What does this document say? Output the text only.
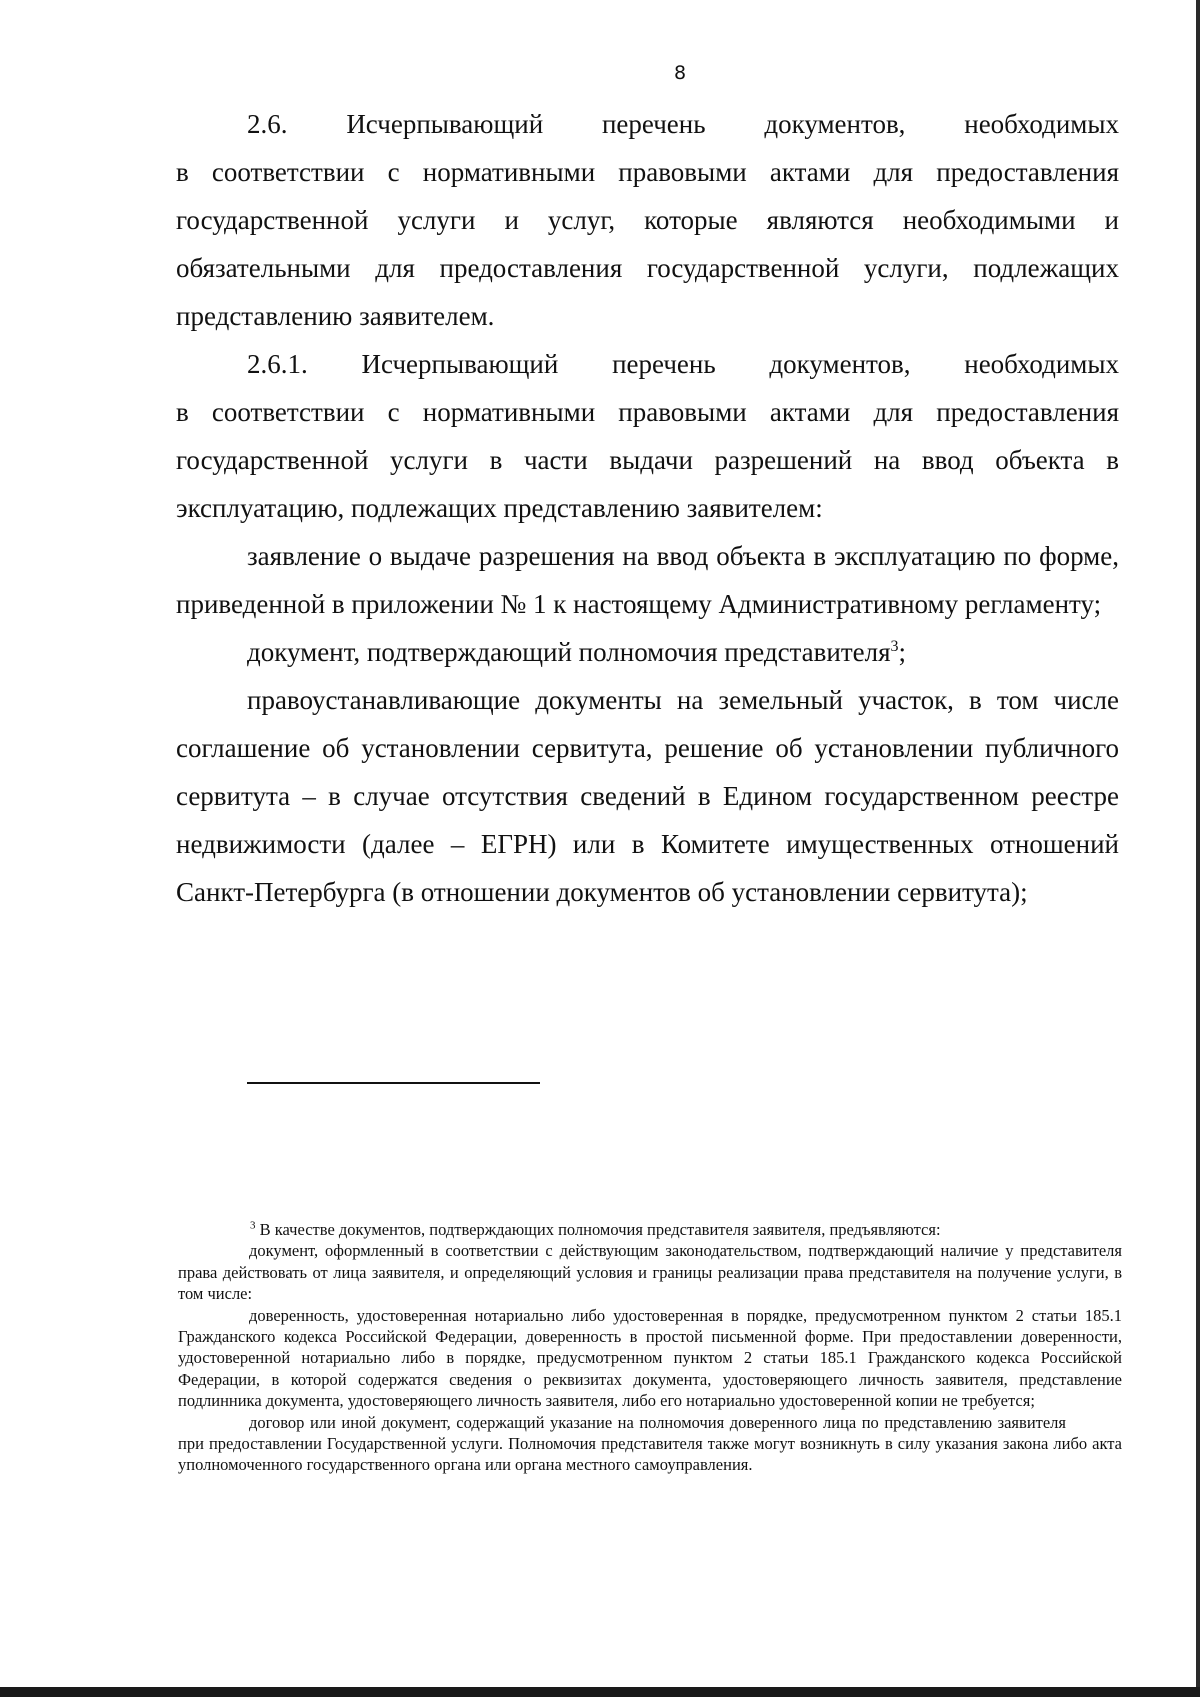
8
2.6. Исчерпывающий перечень документов, необходимых

в соответствии с нормативными правовыми актами для предоставления государственной услуги и услуг, которые являются необходимыми и обязательными для предоставления государственной услуги, подлежащих представлению заявителем.

2.6.1. Исчерпывающий перечень документов, необходимых

в соответствии с нормативными правовыми актами для предоставления государственной услуги в части выдачи разрешений на ввод объекта в эксплуатацию, подлежащих представлению заявителем:

заявление о выдаче разрешения на ввод объекта в эксплуатацию по форме, приведенной в приложении № 1 к настоящему Административному регламенту;

документ, подтверждающий полномочия представителя$^3$;

правоустанавливающие документы на земельный участок, в том числе соглашение об установлении сервитута, решение об установлении публичного сервитута – в случае отсутствия сведений в Едином государственном реестре недвижимости (далее – ЕГРН) или в Комитете имущественных отношений Санкт-Петербурга (в отношении документов об установлении сервитута);

$^3$ В качестве документов, подтверждающих полномочия представителя заявителя, предъявляются:

документ, оформленный в соответствии с действующим законодательством, подтверждающий наличие у представителя права действовать от лица заявителя, и определяющий условия и границы реализации права представителя на получение услуги, в том числе:

доверенность, удостоверенная нотариально либо удостоверенная в порядке, предусмотренном пунктом 2 статьи 185.1 Гражданского кодекса Российской Федерации, доверенность в простой письменной форме. При предоставлении доверенности, удостоверенной нотариально либо в порядке, предусмотренном пунктом 2 статьи 185.1 Гражданского кодекса Российской Федерации, в которой содержатся сведения о реквизитах документа, удостоверяющего личность заявителя, представление подлинника документа, удостоверяющего личность заявителя, либо его нотариально удостоверенной копии не требуется;

договор или иной документ, содержащий указание на полномочия доверенного лица по представлению заявителяпри предоставлении Государственной услуги. Полномочия представителя также могут возникнуть в силу указания закона либо акта уполномоченного государственного органа или органа местного самоуправления.
